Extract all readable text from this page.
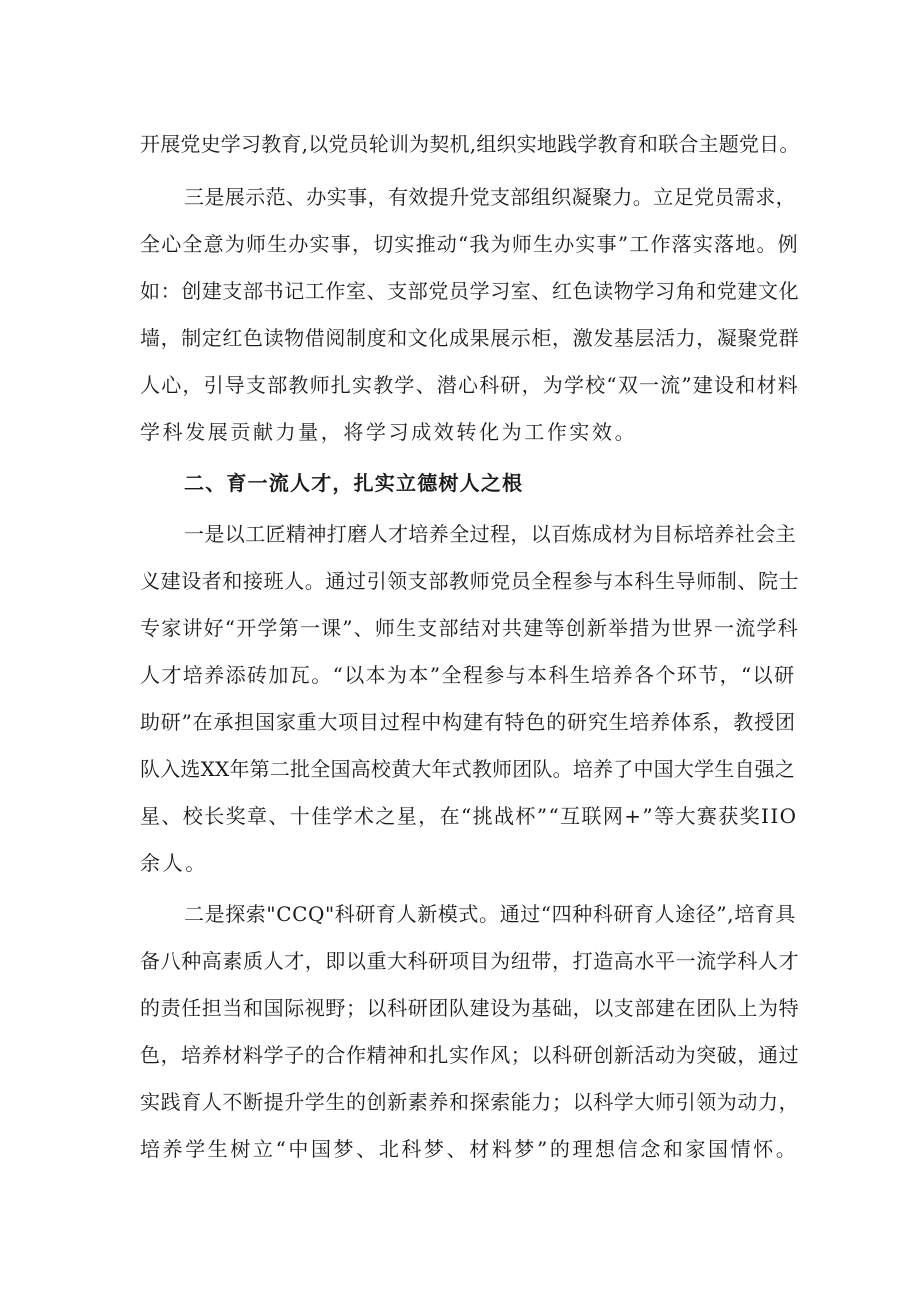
开展党史学习教育,以党员轮训为契机,组织实地践学教育和联合主题党日。
三是展示范、办实事，有效提升党支部组织凝聚力。立足党员需求，
全心全意为师生办实事，切实推动“我为师生办实事”工作落实落地。例
如：创建支部书记工作室、支部党员学习室、红色读物学习角和党建文化
墙，制定红色读物借阅制度和文化成果展示柜，激发基层活力，凝聚党群
人心，引导支部教师扎实教学、潜心科研，为学校“双一流”建设和材料
学科发展贡献力量，将学习成效转化为工作实效。
二、育一流人才，扎实立德树人之根
一是以工匠精神打磨人才培养全过程，以百炼成材为目标培养社会主
义建设者和接班人。通过引领支部教师党员全程参与本科生导师制、院士
专家讲好“开学第一课”、师生支部结对共建等创新举措为世界一流学科
人才培养添砖加瓦。“以本为本”全程参与本科生培养各个环节，“以研
助研”在承担国家重大项目过程中构建有特色的研究生培养体系，教授团
队入选XX年第二批全国高校黄大年式教师团队。培养了中国大学生自强之
星、校长奖章、十佳学术之星，在“挑战杯”“互联网+”等大赛获奖IIO
余人。
二是探索"CCQ"科研育人新模式。通过“四种科研育人途径”,培育具
备八种高素质人才，即以重大科研项目为纽带，打造高水平一流学科人才
的责任担当和国际视野；以科研团队建设为基础，以支部建在团队上为特
色，培养材料学子的合作精神和扎实作风；以科研创新活动为突破，通过
实践育人不断提升学生的创新素养和探索能力；以科学大师引领为动力，
培养学生树立“中国梦、北科梦、材料梦”的理想信念和家国情怀。
